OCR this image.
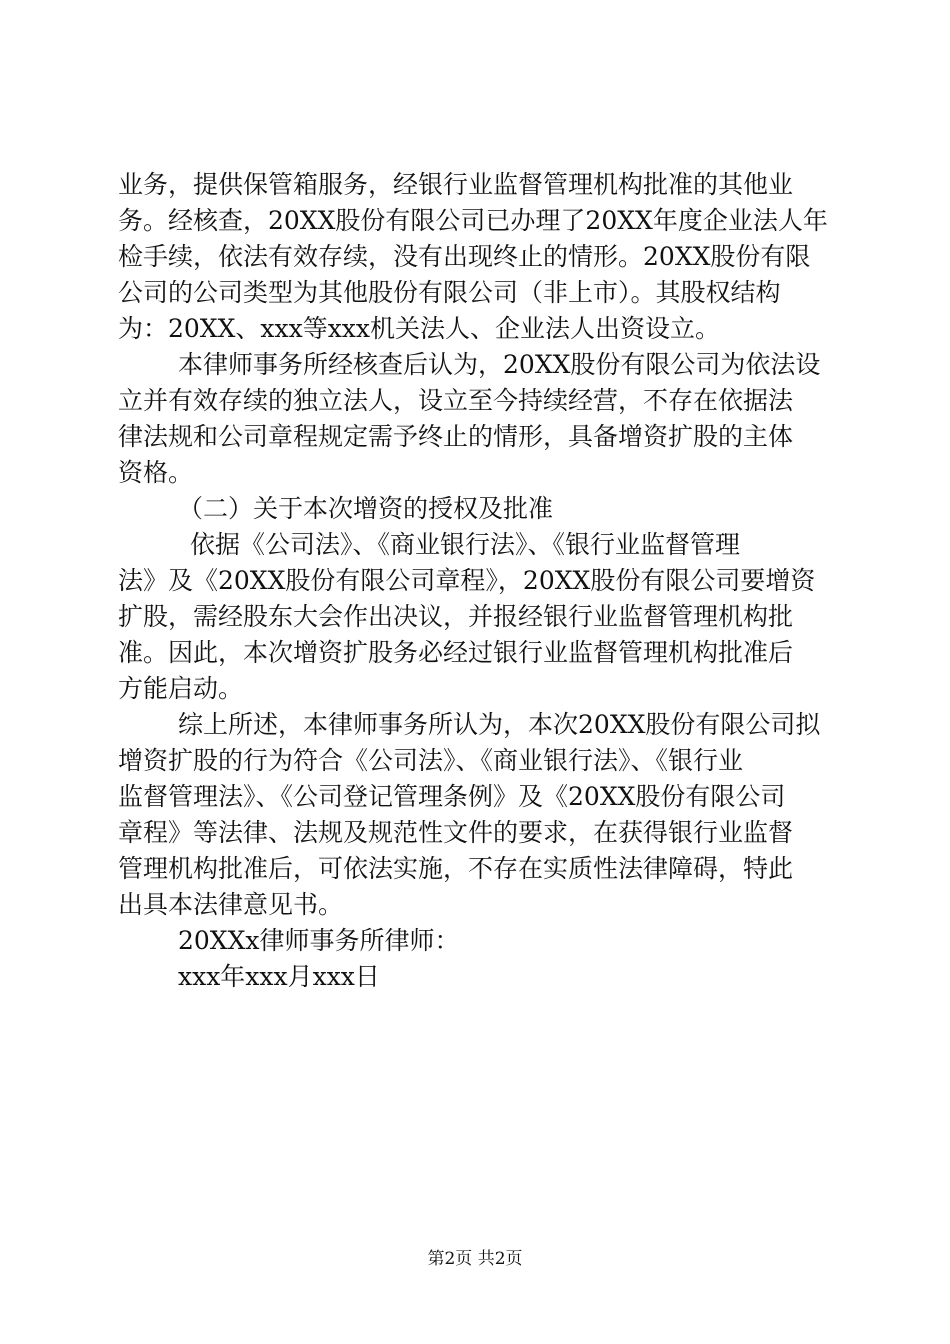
业务，提供保管箱服务，经银行业监督管理机构批准的其他业
务。经核查，20XX股份有限公司已办理了20XX年度企业法人年
检手续，依法有效存续，没有出现终止的情形。20XX股份有限
公司的公司类型为其他股份有限公司（非上市）。其股权结构
为：20XX、xxx等xxx机关法人、企业法人出资设立。
本律师事务所经核查后认为，20XX股份有限公司为依法设
立并有效存续的独立法人，设立至今持续经营，不存在依据法
律法规和公司章程规定需予终止的情形，具备增资扩股的主体
资格。
（二）关于本次增资的授权及批准
依据《公司法》、《商业银行法》、《银行业监督管理
法》及《20XX股份有限公司章程》，20XX股份有限公司要增资
扩股，需经股东大会作出决议，并报经银行业监督管理机构批
准。因此，本次增资扩股务必经过银行业监督管理机构批准后
方能启动。
综上所述，本律师事务所认为，本次20XX股份有限公司拟
增资扩股的行为符合《公司法》、《商业银行法》、《银行业
监督管理法》、《公司登记管理条例》及《20XX股份有限公司
章程》等法律、法规及规范性文件的要求，在获得银行业监督
管理机构批准后，可依法实施，不存在实质性法律障碍，特此
出具本法律意见书。
20XXx律师事务所律师：
xxx年xxx月xxx日
第2页 共2页
